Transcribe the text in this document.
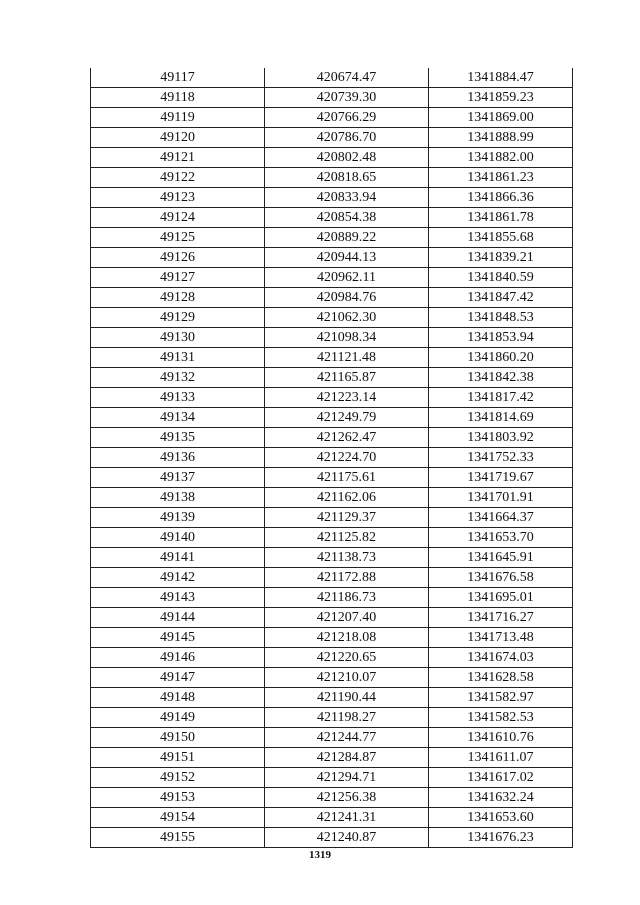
49117	420674.47	1341884.47
49118	420739.30	1341859.23
49119	420766.29	1341869.00
49120	420786.70	1341888.99
49121	420802.48	1341882.00
49122	420818.65	1341861.23
49123	420833.94	1341866.36
49124	420854.38	1341861.78
49125	420889.22	1341855.68
49126	420944.13	1341839.21
49127	420962.11	1341840.59
49128	420984.76	1341847.42
49129	421062.30	1341848.53
49130	421098.34	1341853.94
49131	421121.48	1341860.20
49132	421165.87	1341842.38
49133	421223.14	1341817.42
49134	421249.79	1341814.69
49135	421262.47	1341803.92
49136	421224.70	1341752.33
49137	421175.61	1341719.67
49138	421162.06	1341701.91
49139	421129.37	1341664.37
49140	421125.82	1341653.70
49141	421138.73	1341645.91
49142	421172.88	1341676.58
49143	421186.73	1341695.01
49144	421207.40	1341716.27
49145	421218.08	1341713.48
49146	421220.65	1341674.03
49147	421210.07	1341628.58
49148	421190.44	1341582.97
49149	421198.27	1341582.53
49150	421244.77	1341610.76
49151	421284.87	1341611.07
49152	421294.71	1341617.02
49153	421256.38	1341632.24
49154	421241.31	1341653.60
49155	421240.87	1341676.23
1319
